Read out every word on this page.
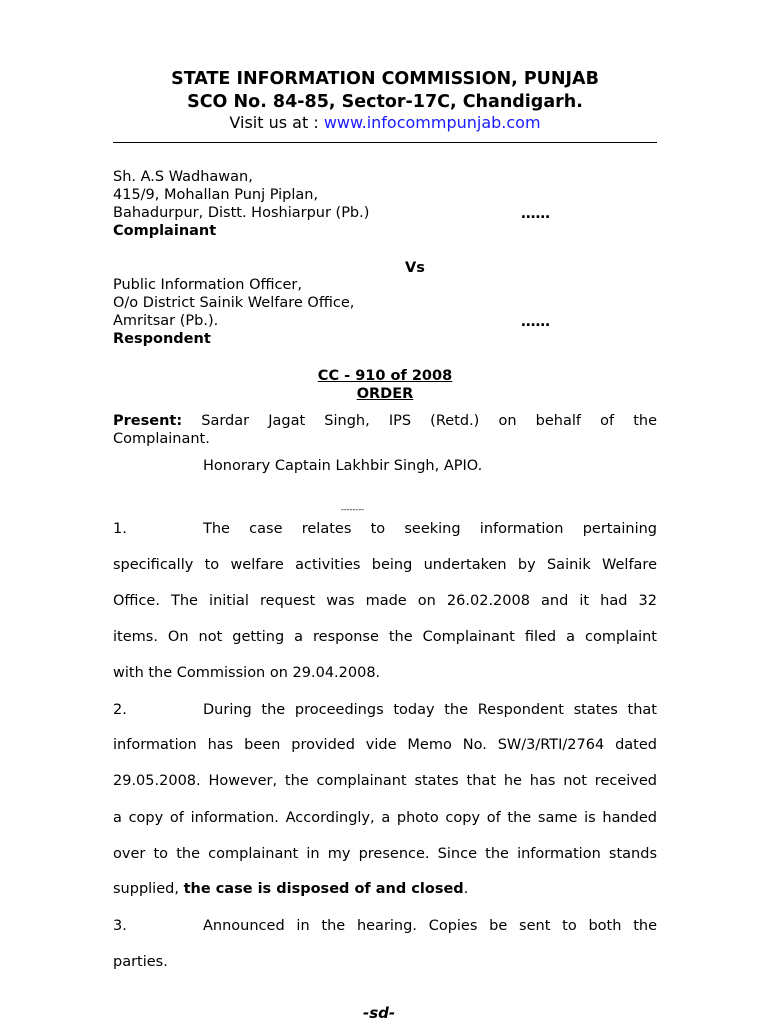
STATE INFORMATION COMMISSION, PUNJAB
SCO No. 84-85, Sector-17C, Chandigarh.
Visit us at : www.infocommpunjab.com
Sh. A.S Wadhawan,
415/9, Mohallan Punj Piplan,
Bahadurpur, Distt. Hoshiarpur (Pb.)	……
Complainant
Vs
Public Information Officer,
O/o District Sainik Welfare Office,
Amritsar (Pb.).	……
Respondent
CC - 910 of 2008
ORDER
Present: Sardar Jagat Singh, IPS (Retd.) on behalf of the
Complainant.
Honorary Captain Lakhbir Singh, APIO.
--------
1.	The case relates to seeking information pertaining
specifically to welfare activities being undertaken by Sainik Welfare
Office. The initial request was made on 26.02.2008 and it had 32
items. On not getting a response the Complainant filed a complaint
with the Commission on 29.04.2008.
2.	During the proceedings today the Respondent states that
information has been provided vide Memo No. SW/3/RTI/2764 dated
29.05.2008. However, the complainant states that he has not received
a copy of information. Accordingly, a photo copy of the same is handed
over to the complainant in my presence. Since the information stands
supplied, the case is disposed of and closed.
3.	Announced in the hearing. Copies be sent to both the
parties.
-sd-
